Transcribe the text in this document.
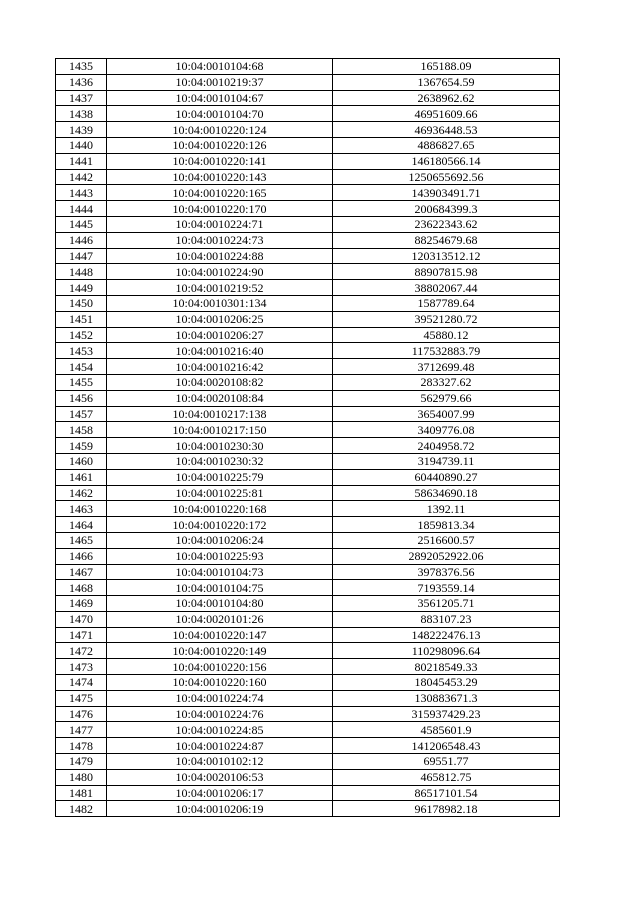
1435	10:04:0010104:68	165188.09
1436	10:04:0010219:37	1367654.59
1437	10:04:0010104:67	2638962.62
1438	10:04:0010104:70	46951609.66
1439	10:04:0010220:124	46936448.53
1440	10:04:0010220:126	4886827.65
1441	10:04:0010220:141	146180566.14
1442	10:04:0010220:143	1250655692.56
1443	10:04:0010220:165	143903491.71
1444	10:04:0010220:170	200684399.3
1445	10:04:0010224:71	23622343.62
1446	10:04:0010224:73	88254679.68
1447	10:04:0010224:88	120313512.12
1448	10:04:0010224:90	88907815.98
1449	10:04:0010219:52	38802067.44
1450	10:04:0010301:134	1587789.64
1451	10:04:0010206:25	39521280.72
1452	10:04:0010206:27	45880.12
1453	10:04:0010216:40	117532883.79
1454	10:04:0010216:42	3712699.48
1455	10:04:0020108:82	283327.62
1456	10:04:0020108:84	562979.66
1457	10:04:0010217:138	3654007.99
1458	10:04:0010217:150	3409776.08
1459	10:04:0010230:30	2404958.72
1460	10:04:0010230:32	3194739.11
1461	10:04:0010225:79	60440890.27
1462	10:04:0010225:81	58634690.18
1463	10:04:0010220:168	1392.11
1464	10:04:0010220:172	1859813.34
1465	10:04:0010206:24	2516600.57
1466	10:04:0010225:93	2892052922.06
1467	10:04:0010104:73	3978376.56
1468	10:04:0010104:75	7193559.14
1469	10:04:0010104:80	3561205.71
1470	10:04:0020101:26	883107.23
1471	10:04:0010220:147	148222476.13
1472	10:04:0010220:149	110298096.64
1473	10:04:0010220:156	80218549.33
1474	10:04:0010220:160	18045453.29
1475	10:04:0010224:74	130883671.3
1476	10:04:0010224:76	315937429.23
1477	10:04:0010224:85	4585601.9
1478	10:04:0010224:87	141206548.43
1479	10:04:0010102:12	69551.77
1480	10:04:0020106:53	465812.75
1481	10:04:0010206:17	86517101.54
1482	10:04:0010206:19	96178982.18
